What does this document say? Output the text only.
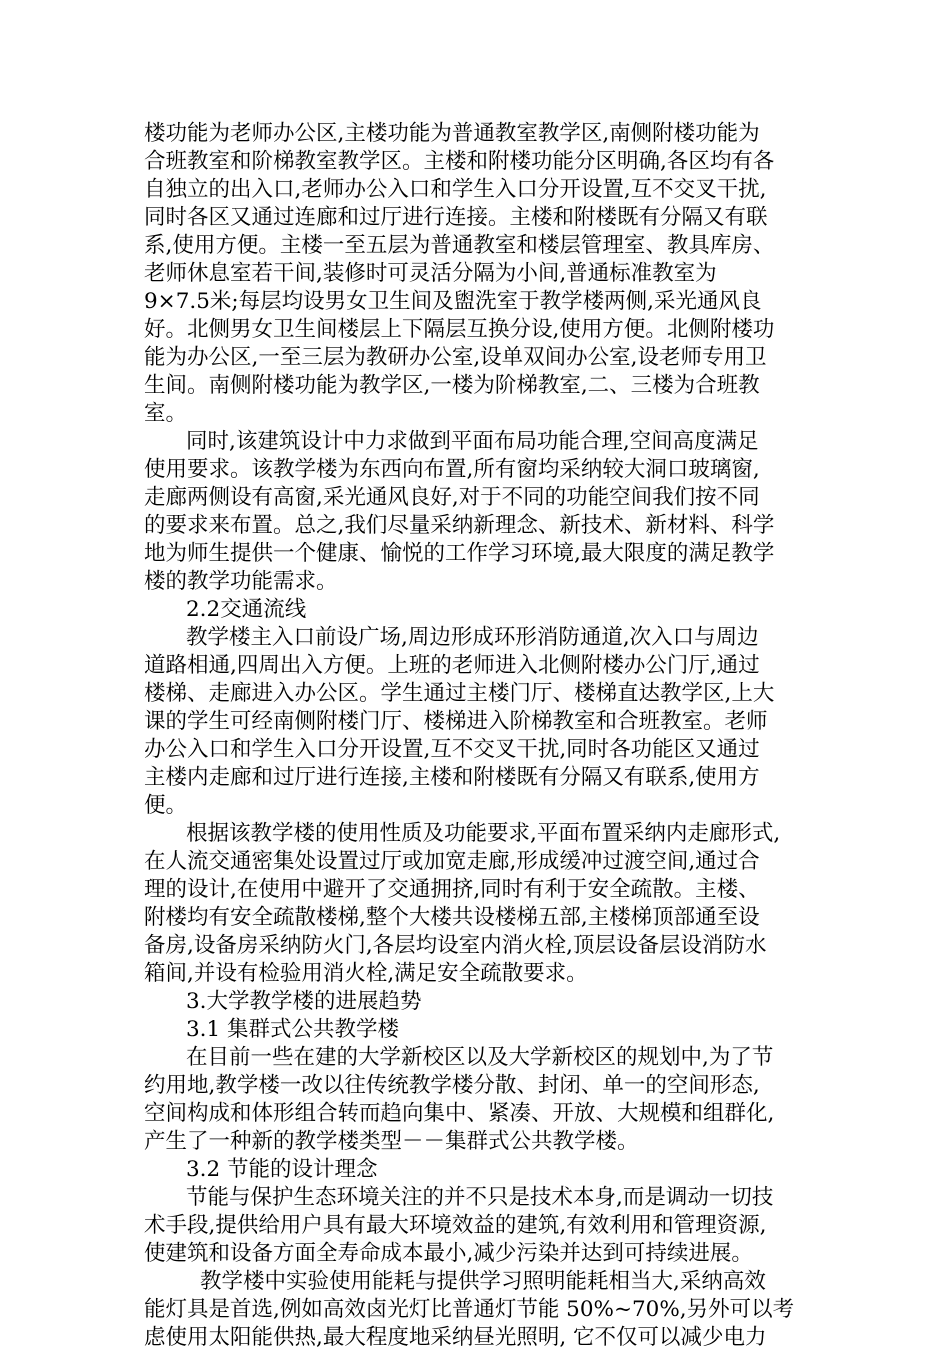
楼功能为老师办公区,主楼功能为普通教室教学区,南侧附楼功能为
合班教室和阶梯教室教学区。主楼和附楼功能分区明确,各区均有各
自独立的出入口,老师办公入口和学生入口分开设置,互不交叉干扰,
同时各区又通过连廊和过厅进行连接。主楼和附楼既有分隔又有联
系,使用方便。主楼一至五层为普通教室和楼层管理室、教具库房、
老师休息室若干间,装修时可灵活分隔为小间,普通标准教室为
9×7.5米;每层均设男女卫生间及盥洗室于教学楼两侧,采光通风良
好。北侧男女卫生间楼层上下隔层互换分设,使用方便。北侧附楼功
能为办公区,一至三层为教研办公室,设单双间办公室,设老师专用卫
生间。南侧附楼功能为教学区,一楼为阶梯教室,二、三楼为合班教
室。
同时,该建筑设计中力求做到平面布局功能合理,空间高度满足
使用要求。该教学楼为东西向布置,所有窗均采纳较大洞口玻璃窗,
走廊两侧设有高窗,采光通风良好,对于不同的功能空间我们按不同
的要求来布置。总之,我们尽量采纳新理念、新技术、新材料、科学
地为师生提供一个健康、愉悦的工作学习环境,最大限度的满足教学
楼的教学功能需求。
2.2交通流线
教学楼主入口前设广场,周边形成环形消防通道,次入口与周边
道路相通,四周出入方便。上班的老师进入北侧附楼办公门厅,通过
楼梯、走廊进入办公区。学生通过主楼门厅、楼梯直达教学区,上大
课的学生可经南侧附楼门厅、楼梯进入阶梯教室和合班教室。老师
办公入口和学生入口分开设置,互不交叉干扰,同时各功能区又通过
主楼内走廊和过厅进行连接,主楼和附楼既有分隔又有联系,使用方
便。
根据该教学楼的使用性质及功能要求,平面布置采纳内走廊形式,
在人流交通密集处设置过厅或加宽走廊,形成缓冲过渡空间,通过合
理的设计,在使用中避开了交通拥挤,同时有利于安全疏散。主楼、
附楼均有安全疏散楼梯,整个大楼共设楼梯五部,主楼梯顶部通至设
备房,设备房采纳防火门,各层均设室内消火栓,顶层设备层设消防水
箱间,并设有检验用消火栓,满足安全疏散要求。
3.大学教学楼的进展趋势
3.1 集群式公共教学楼
在目前一些在建的大学新校区以及大学新校区的规划中,为了节
约用地,教学楼一改以往传统教学楼分散、封闭、单一的空间形态,
空间构成和体形组合转而趋向集中、紧凑、开放、大规模和组群化,
产生了一种新的教学楼类型－－集群式公共教学楼。
3.2 节能的设计理念
节能与保护生态环境关注的并不只是技术本身,而是调动一切技
术手段,提供给用户具有最大环境效益的建筑,有效利用和管理资源,
使建筑和设备方面全寿命成本最小,减少污染并达到可持续进展。
教学楼中实验使用能耗与提供学习照明能耗相当大,采纳高效
能灯具是首选,例如高效卤光灯比普通灯节能 50%~70%,另外可以考
虑使用太阳能供热,最大程度地采纳昼光照明, 它不仅可以减少电力
